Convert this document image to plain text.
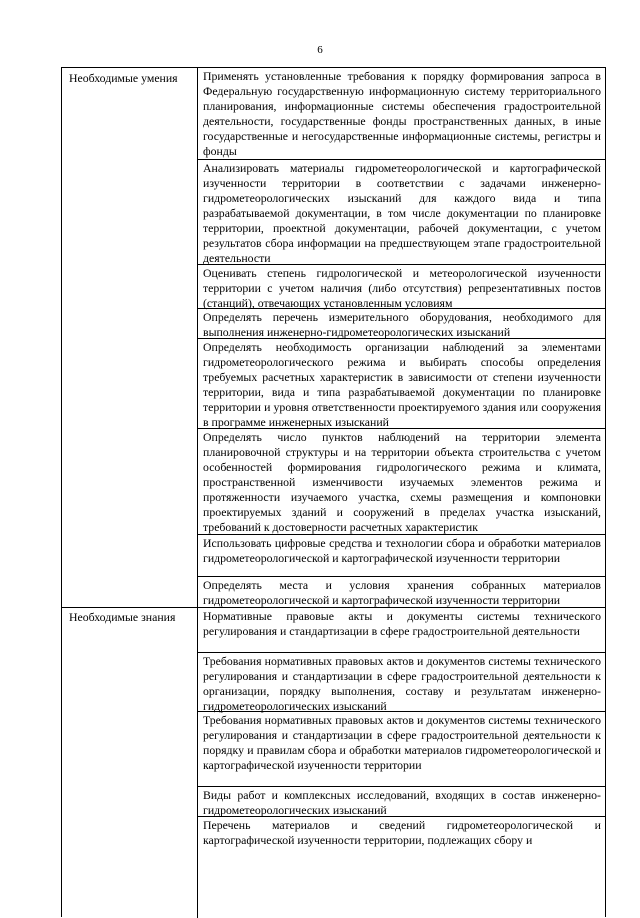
6
Необходимые умения	Применять установленные требования к порядку формирования запроса в Федеральную государственную информационную систему территориального планирования, информационные системы обеспечения градостроительной деятельности, государственные фонды пространственных данных, в иные государственные и негосударственные информационные системы, регистры и фонды
Анализировать материалы гидрометеорологической и картографической изученности территории в соответствии с задачами инженерно-гидрометеорологических изысканий для каждого вида и типа разрабатываемой документации, в том числе документации по планировке территории, проектной документации, рабочей документации, с учетом результатов сбора информации на предшествующем этапе градостроительной деятельности
Оценивать степень гидрологической и метеорологической изученности территории с учетом наличия (либо отсутствия) репрезентативных постов (станций), отвечающих установленным условиям
Определять перечень измерительного оборудования, необходимого для выполнения инженерно-гидрометеорологических изысканий
Определять необходимость организации наблюдений за элементами гидрометеорологического режима и выбирать способы определения требуемых расчетных характеристик в зависимости от степени изученности территории, вида и типа разрабатываемой документации по планировке территории и уровня ответственности проектируемого здания или сооружения в программе инженерных изысканий
Определять число пунктов наблюдений на территории элемента планировочной структуры и на территории объекта строительства с учетом особенностей формирования гидрологического режима и климата, пространственной изменчивости изучаемых элементов режима и протяженности изучаемого участка, схемы размещения и компоновки проектируемых зданий и сооружений в пределах участка изысканий, требований к достоверности расчетных характеристик
Использовать цифровые средства и технологии сбора и обработки материалов гидрометеорологической и картографической изученности территории
Определять места и условия хранения собранных материалов гидрометеорологической и картографической изученности территории
Необходимые знания	Нормативные правовые акты и документы системы технического регулирования и стандартизации в сфере градостроительной деятельности
Требования нормативных правовых актов и документов системы технического регулирования и стандартизации в сфере градостроительной деятельности к организации, порядку выполнения, составу и результатам инженерно-гидрометеорологических изысканий
Требования нормативных правовых актов и документов системы технического регулирования и стандартизации в сфере градостроительной деятельности к порядку и правилам сбора и обработки материалов гидрометеорологической и картографической изученности территории
Виды работ и комплексных исследований, входящих в состав инженерно-гидрометеорологических изысканий
Перечень материалов и сведений гидрометеорологической и картографической изученности территории, подлежащих сбору и
